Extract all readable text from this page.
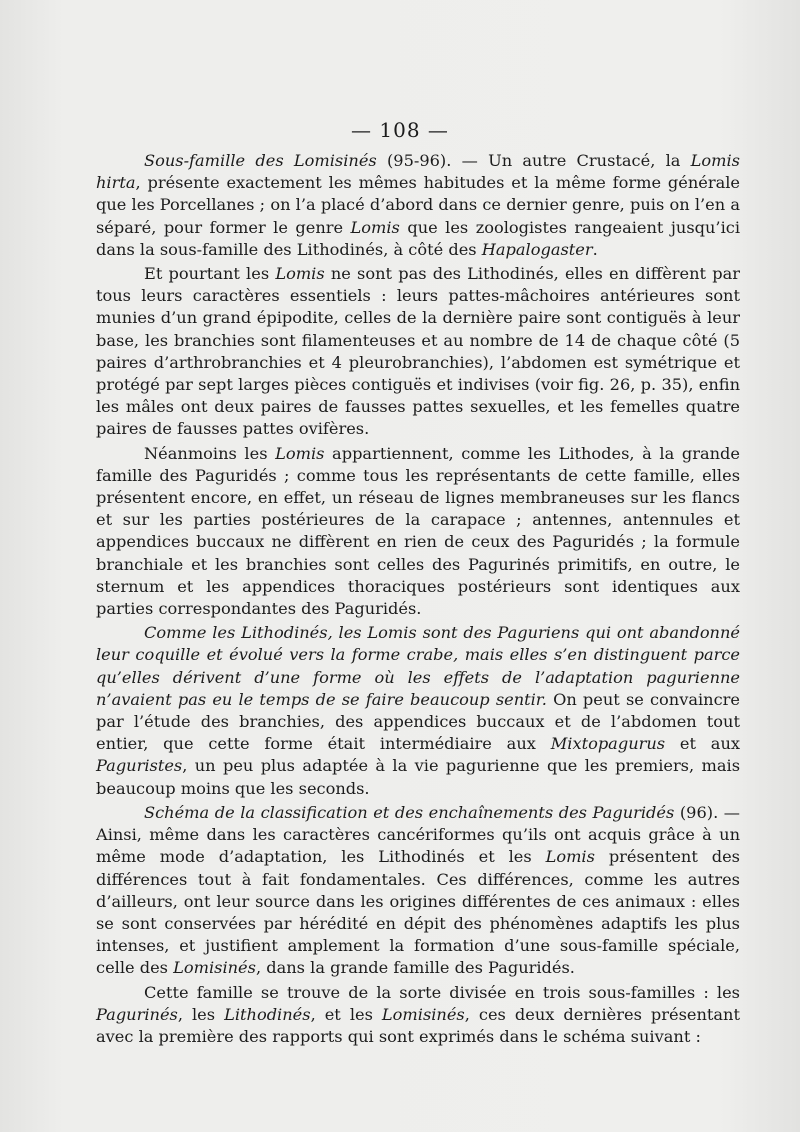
— 108 —

Sous-famille des Lomisinés (95-96). — Un autre Crustacé, la Lomis hirta, présente exactement les mêmes habitudes et la même forme générale que les Porcellanes ; on l’a placé d’abord dans ce dernier genre, puis on l’en a séparé, pour former le genre Lomis que les zoologistes rangeaient jusqu’ici dans la sous-famille des Lithodinés, à côté des Hapalogaster.

Et pourtant les Lomis ne sont pas des Lithodinés, elles en diffèrent par tous leurs caractères essentiels : leurs pattes-mâchoires antérieures sont munies d’un grand épipodite, celles de la dernière paire sont contiguës à leur base, les branchies sont filamenteuses et au nombre de 14 de chaque côté (5 paires d’arthrobranchies et 4 pleurobranchies), l’abdomen est symétrique et protégé par sept larges pièces contiguës et indivises (voir fig. 26, p. 35), enfin les mâles ont deux paires de fausses pattes sexuelles, et les femelles quatre paires de fausses pattes ovifères.

Néanmoins les Lomis appartiennent, comme les Lithodes, à la grande famille des Paguridés ; comme tous les représentants de cette famille, elles présentent encore, en effet, un réseau de lignes membraneuses sur les flancs et sur les parties postérieures de la carapace ; antennes, antennules et appendices buccaux ne diffèrent en rien de ceux des Paguridés ; la formule branchiale et les branchies sont celles des Pagurinés primitifs, en outre, le sternum et les appendices thoraciques postérieurs sont identiques aux parties correspondantes des Paguridés.

Comme les Lithodinés, les Lomis sont des Paguriens qui ont abandonné leur coquille et évolué vers la forme crabe, mais elles s’en distinguent parce qu’elles dérivent d’une forme où les effets de l’adaptation pagurienne n’avaient pas eu le temps de se faire beaucoup sentir. On peut se convaincre par l’étude des branchies, des appendices buccaux et de l’abdomen tout entier, que cette forme était intermédiaire aux Mixtopagurus et aux Paguristes, un peu plus adaptée à la vie pagurienne que les premiers, mais beaucoup moins que les seconds.

Schéma de la classification et des enchaînements des Paguridés (96). — Ainsi, même dans les caractères cancériformes qu’ils ont acquis grâce à un même mode d’adaptation, les Lithodinés et les Lomis présentent des différences tout à fait fondamentales. Ces différences, comme les autres d’ailleurs, ont leur source dans les origines différentes de ces animaux : elles se sont conservées par hérédité en dépit des phénomènes adaptifs les plus intenses, et justifient amplement la formation d’une sous-famille spéciale, celle des Lomisinés, dans la grande famille des Paguridés.

Cette famille se trouve de la sorte divisée en trois sous-familles : les Pagurinés, les Lithodinés, et les Lomisinés, ces deux dernières présentant avec la première des rapports qui sont exprimés dans le schéma suivant :
